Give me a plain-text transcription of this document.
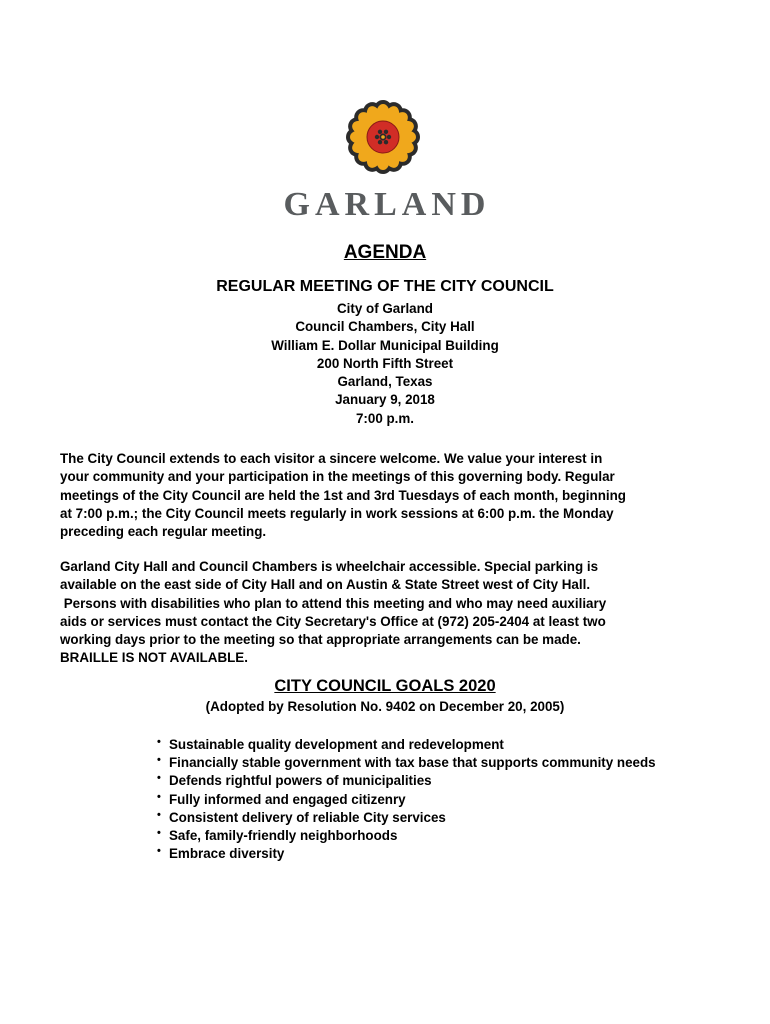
GARLAND
AGENDA
REGULAR MEETING OF THE CITY COUNCIL
City of Garland
Council Chambers, City Hall
William E. Dollar Municipal Building
200 North Fifth Street
Garland, Texas
January 9, 2018
7:00 p.m.
The City Council extends to each visitor a sincere welcome. We value your interest in
your community and your participation in the meetings of this governing body. Regular
meetings of the City Council are held the 1st and 3rd Tuesdays of each month, beginning
at 7:00 p.m.; the City Council meets regularly in work sessions at 6:00 p.m. the Monday
preceding each regular meeting.
Garland City Hall and Council Chambers is wheelchair accessible. Special parking is
available on the east side of City Hall and on Austin & State Street west of City Hall.
Persons with disabilities who plan to attend this meeting and who may need auxiliary
aids or services must contact the City Secretary's Office at (972) 205-2404 at least two
working days prior to the meeting so that appropriate arrangements can be made.
BRAILLE IS NOT AVAILABLE.
CITY COUNCIL GOALS 2020
(Adopted by Resolution No. 9402 on December 20, 2005)
• Sustainable quality development and redevelopment
• Financially stable government with tax base that supports community needs
• Defends rightful powers of municipalities
• Fully informed and engaged citizenry
• Consistent delivery of reliable City services
• Safe, family-friendly neighborhoods
• Embrace diversity
